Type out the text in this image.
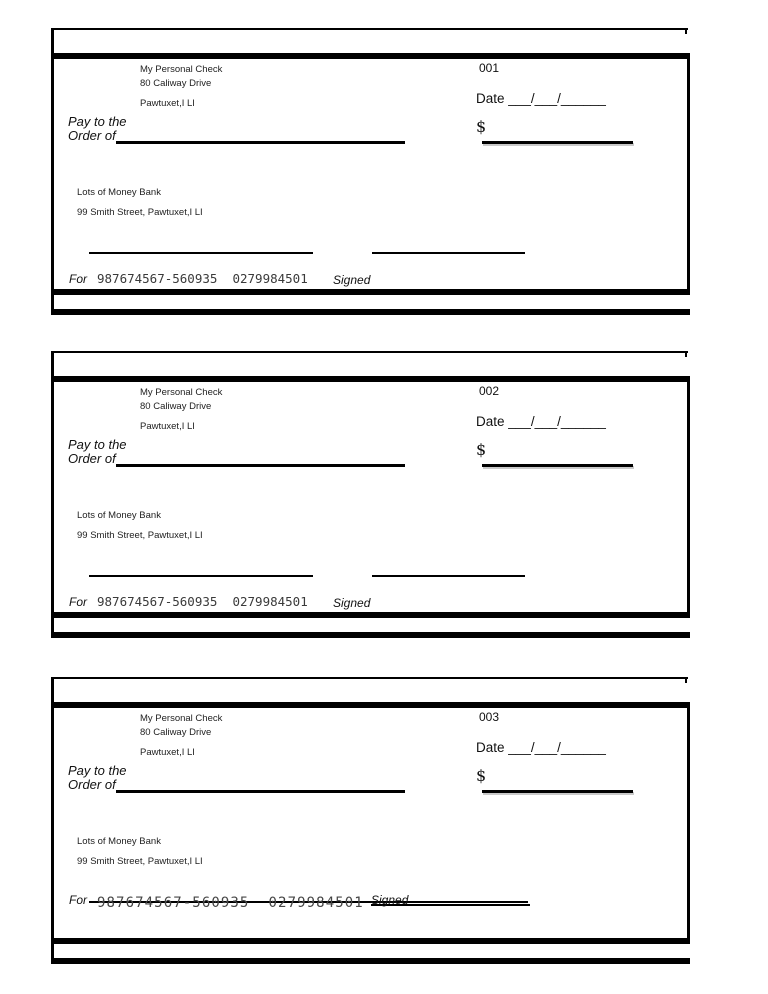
My Personal Check
80 Caliway Drive
Pawtuxet,I LI
001
Date ___/___/______
Pay to the
Order of	$
Lots of Money Bank
99 Smith Street, Pawtuxet,I LI
For 987674567-560935  0279984501 Signed
My Personal Check
80 Caliway Drive
Pawtuxet,I LI
002
Date ___/___/______
Pay to the
Order of	$
Lots of Money Bank
99 Smith Street, Pawtuxet,I LI
For 987674567-560935  0279984501 Signed
My Personal Check
80 Caliway Drive
Pawtuxet,I LI
003
Date ___/___/______
Pay to the
Order of	$
Lots of Money Bank
99 Smith Street, Pawtuxet,I LI
For 987674567-560935  0279984501 Signed
